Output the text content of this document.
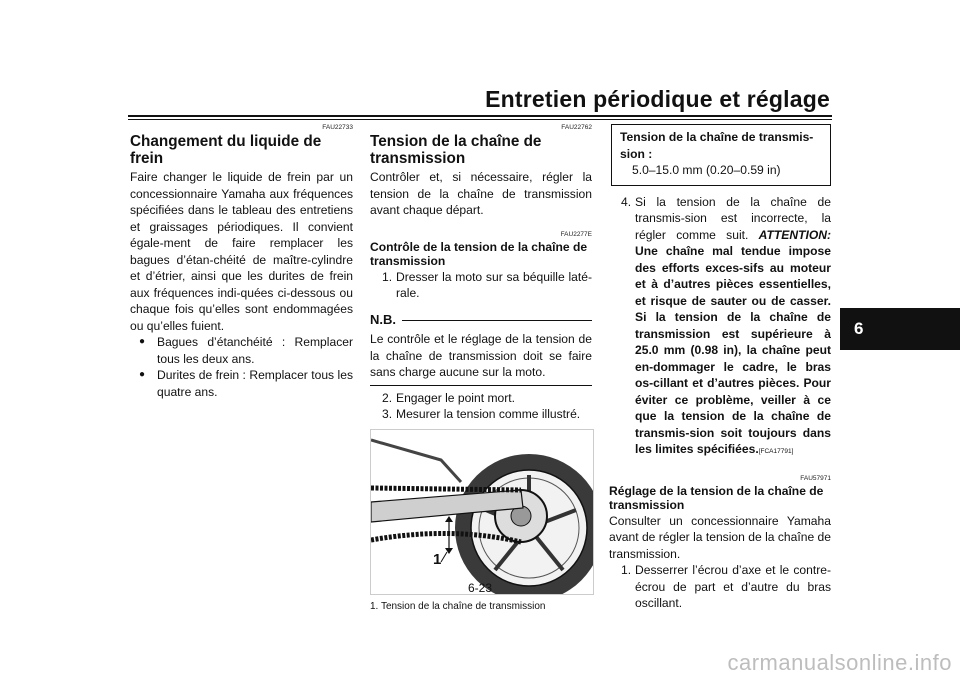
Entretien périodique et réglage
6
FAU22733
Changement du liquide de frein

Faire changer le liquide de frein par un concessionnaire Yamaha aux fréquences spécifiées dans le tableau des entretiens et graissages périodiques. Il convient égale-ment de faire remplacer les bagues d’étan-chéité de maître-cylindre et d’étrier, ainsi que les durites de frein aux fréquences indi-quées ci-dessous ou chaque fois qu’elles sont endommagées ou qu’elles fuient.

● Bagues d’étanchéité : Remplacer tous les deux ans.
● Durites de frein : Remplacer tous les quatre ans.
FAU22762
Tension de la chaîne de transmission

Contrôler et, si nécessaire, régler la tension de la chaîne de transmission avant chaque départ.

FAU2277E
Contrôle de la tension de la chaîne de transmission
1. Dresser la moto sur sa béquille laté-rale.
N.B.

Le contrôle et le réglage de la tension de la chaîne de transmission doit se faire sans charge aucune sur la moto.

2. Engager le point mort.
3. Mesurer la tension comme illustré.
1
1. Tension de la chaîne de transmission
Tension de la chaîne de transmis-sion :
5.0–15.0 mm (0.20–0.59 in)
4. Si la tension de la chaîne de transmis-sion est incorrecte, la régler comme suit. ATTENTION: Une chaîne mal tendue impose des efforts exces-sifs au moteur et à d’autres pièces essentielles, et risque de sauter ou de casser. Si la tension de la chaîne de transmission est supérieure à 25.0 mm (0.98 in), la chaîne peut en-dommager le cadre, le bras os-cillant et d’autres pièces. Pour éviter ce problème, veiller à ce que la tension de la chaîne de transmis-sion soit toujours dans les limites spécifiées.[FCA17791]
FAU57971
Réglage de la tension de la chaîne de transmission

Consulter un concessionnaire Yamaha avant de régler la tension de la chaîne de transmission.

1. Desserrer l’écrou d’axe et le contre-écrou de part et d’autre du bras oscillant.
6-23
carmanualsonline.info
